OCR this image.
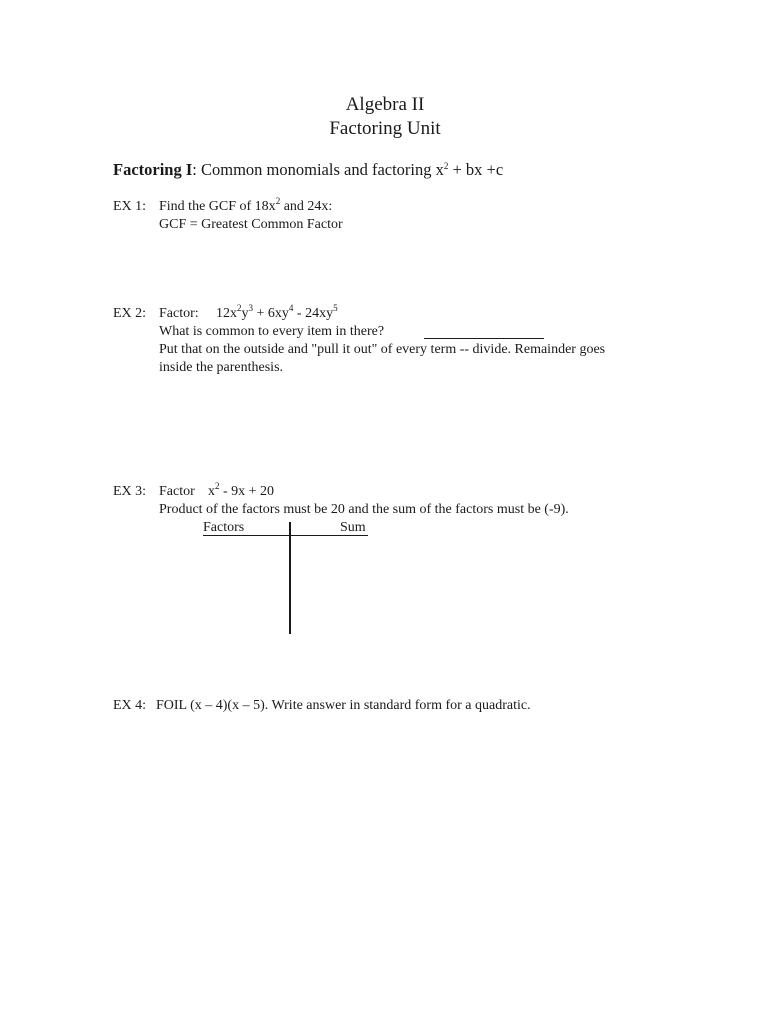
Algebra II
Factoring Unit
Factoring I: Common monomials and factoring $x^2$ + bx +c
EX 1: Find the GCF of $18x^2$ and 24x:
GCF = Greatest Common Factor
EX 2: Factor: $12x^2y^3 + 6xy^4 - 24xy^5$
What is common to every item in there?
Put that on the outside and "pull it out" of every term -- divide. Remainder goes
inside the parenthesis.
EX 3: Factor $x^2 - 9x + 20$
Product of the factors must be 20 and the sum of the factors must be (-9).
Factors	Sum
EX 4: FOIL (x – 4)(x – 5). Write answer in standard form for a quadratic.
